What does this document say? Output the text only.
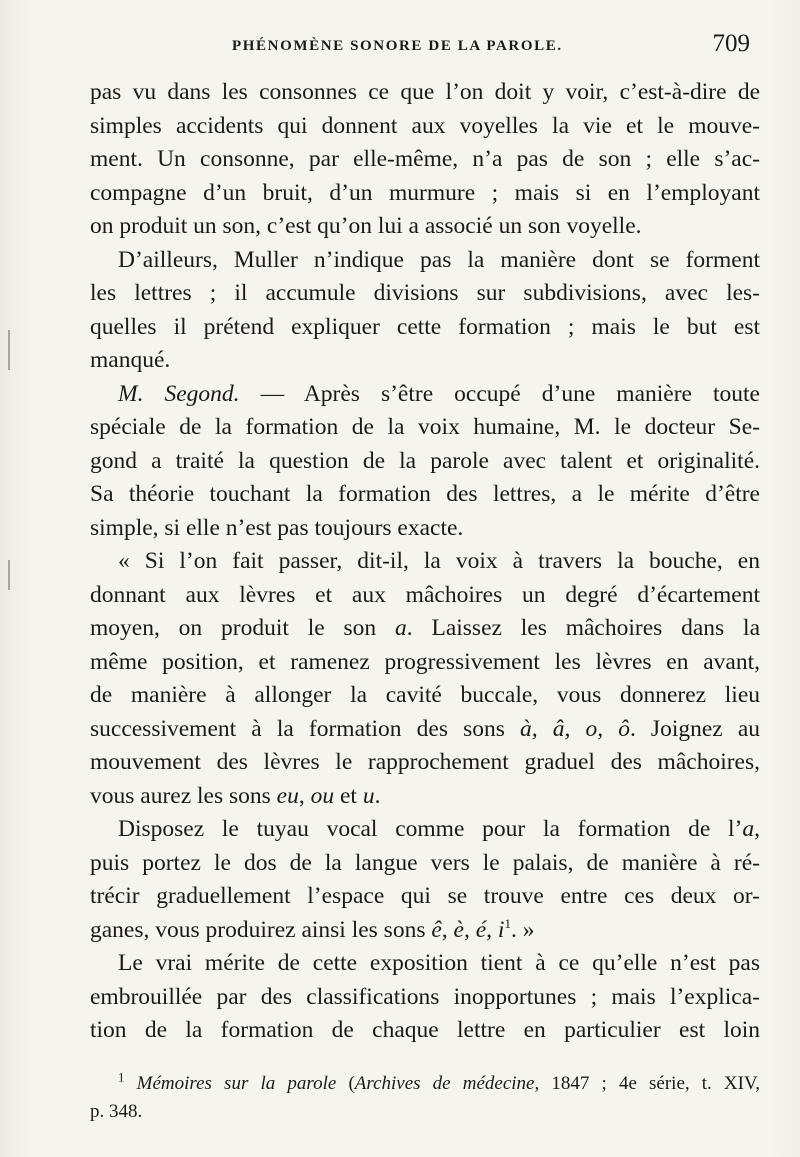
PHÉNOMÈNE SONORE DE LA PAROLE.	709

pas vu dans les consonnes ce que l’on doit y voir, c’est-à-dire de
simples accidents qui donnent aux voyelles la vie et le mouve-
ment. Un consonne, par elle-même, n’a pas de son ; elle s’ac-
compagne d’un bruit, d’un murmure ; mais si en l’employant
on produit un son, c’est qu’on lui a associé un son voyelle.

D’ailleurs, Muller n’indique pas la manière dont se forment
les lettres ; il accumule divisions sur subdivisions, avec les-
quelles il prétend expliquer cette formation ; mais le but est
manqué.

M. Segond. — Après s’être occupé d’une manière toute
spéciale de la formation de la voix humaine, M. le docteur Se-
gond a traité la question de la parole avec talent et originalité.
Sa théorie touchant la formation des lettres, a le mérite d’être
simple, si elle n’est pas toujours exacte.

« Si l’on fait passer, dit-il, la voix à travers la bouche, en
donnant aux lèvres et aux mâchoires un degré d’écartement
moyen, on produit le son a. Laissez les mâchoires dans la
même position, et ramenez progressivement les lèvres en avant,
de manière à allonger la cavité buccale, vous donnerez lieu
successivement à la formation des sons à, â, o, ô. Joignez au
mouvement des lèvres le rapprochement graduel des mâchoires,
vous aurez les sons eu, ou et u.

Disposez le tuyau vocal comme pour la formation de l’a,
puis portez le dos de la langue vers le palais, de manière à ré-
trécir graduellement l’espace qui se trouve entre ces deux or-
ganes, vous produirez ainsi les sons ê, è, é, $i^1$. »

Le vrai mérite de cette exposition tient à ce qu’elle n’est pas
embrouillée par des classifications inopportunes ; mais l’explica-
tion de la formation de chaque lettre en particulier est loin

$^1$ Mémoires sur la parole (Archives de médecine, 1847 ; 4e série, t. XIV,
p. 348.
